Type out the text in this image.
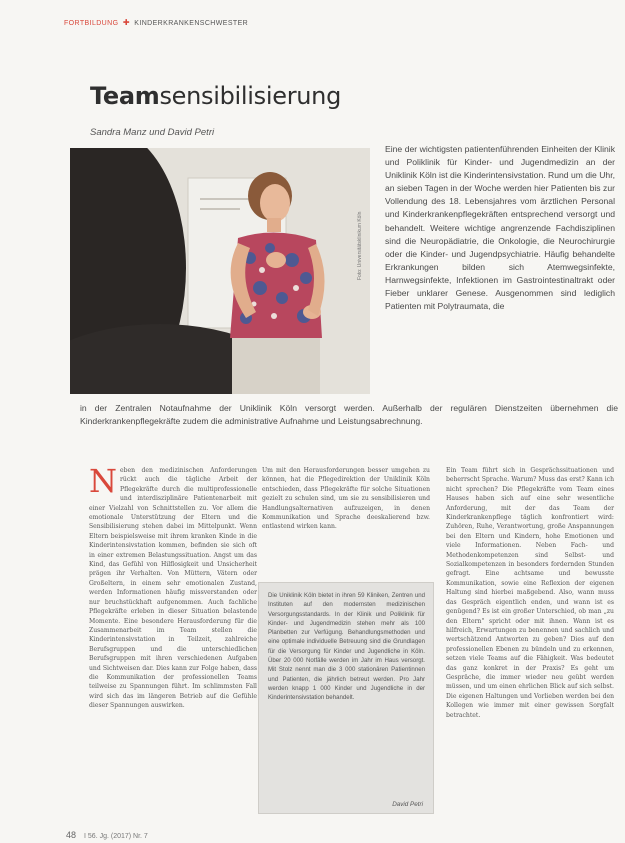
FORTBILDUNG ✚ KINDERKRANKENSCHWESTER
Teamsensibilisierung
Sandra Manz und David Petri
Foto: Universitätsklinikum Köln
Eine der wichtigsten patientenführenden Einheiten der Klinik und Poliklinik für Kinder- und Jugendmedizin an der Uniklinik Köln ist die Kinderintensivstation. Rund um die Uhr, an sieben Tagen in der Woche werden hier Patienten bis zur Vollendung des 18. Lebensjahres vom ärztlichen Personal und Kinderkrankenpflegekräften entsprechend versorgt und behandelt. Weitere wichtige angrenzende Fachdisziplinen sind die Neuropädiatrie, die Onkologie, die Neurochirurgie oder die Kinder- und Jugendpsychiatrie. Häufig behandelte Erkrankungen bilden sich Atemwegsinfekte, Harnwegsinfekte, Infektionen im Gastrointestinaltrakt oder Fieber unklarer Genese. Ausgenommen sind lediglich Patienten mit Polytraumata, die
in der Zentralen Notaufnahme der Uniklinik Köln versorgt werden. Außerhalb der regulären Dienstzeiten übernehmen die Kinderkrankenpflegekräfte zudem die administrative Aufnahme und Leistungsabrechnung.
Neben den medizinischen Anforderungen rückt auch die tägliche Arbeit der Pflegekräfte durch die multiprofessionelle und interdisziplinäre Patientenarbeit mit einer Vielzahl von Schnittstellen zu. Vor allem die emotionale Unterstützung der Eltern und die Sensibilisierung stehen dabei im Mittelpunkt. Wenn Eltern beispielsweise mit ihrem kranken Kinde in die Kinderintensivstation kommen, befinden sie sich oft in einer extremen Belastungssituation. Angst um das Kind, das Gefühl von Hilflosigkeit und Unsicherheit prägen ihr Verhalten. Von Müttern, Vätern oder Großeltern, in einem sehr emotionalen Zustand, werden Informationen häufig missverstanden oder nur bruchstückhaft aufgenommen. Auch fachliche Pflegekräfte erleben in dieser Situation belastende Momente. Eine besondere Herausforderung für die Zusammenarbeit im Team stellen die Kinderintensivstation in Teilzeit, zahlreiche Berufsgruppen und die unterschiedlichen Berufsgruppen mit ihren verschiedenen Aufgaben und Sichtweisen dar. Dies kann zur Folge haben, dass die Kommunikation der professionellen Teams teilweise zu Spannungen führt. Im schlimmsten Fall wird sich das im längeren Betrieb auf die Gefühle dieser Spannungen auswirken.
Um mit den Herausforderungen besser umgehen zu können, hat die Pflegedirektion der Uniklinik Köln entschieden, dass Pflegekräfte für solche Situationen gezielt zu schulen sind, um sie zu sensibilisieren und Handlungsalternativen aufzuzeigen, in denen Kommunikation und Sprache deeskalierend bzw. entlastend wirken kann.
Die Uniklinik Köln bietet in ihren 59 Kliniken, Zentren und Instituten auf den modernsten medizinischen Versorgungsstandards. In der Klinik und Poliklinik für Kinder- und Jugendmedizin stehen mehr als 100 Planbetten zur Verfügung. Behandlungsmethoden und eine optimale individuelle Betreuung sind die Grundlagen für die Versorgung für Kinder und Jugendliche in Köln. Über 20 000 Notfälle werden im Jahr im Haus versorgt. Mit Stolz nennt man die 3 000 stationären Patientinnen und Patienten, die jährlich betreut werden. Pro Jahr werden knapp 1 000 Kinder und Jugendliche in der Kinderintensivstation behandelt.
David Petri
Ein Team führt sich in Gesprächssituationen und beherrscht Sprache. Warum? Muss das erst? Kann ich nicht sprechen? Die Pflegekräfte vom Team eines Hauses haben sich auf eine sehr wesentliche Anforderung, mit der das Team der Kinderkrankenpflege täglich konfrontiert wird: Zuhören, Ruhe, Verantwortung, große Anspannungen bei den Eltern und Kindern, hohe Emotionen und viele Informationen. Neben Fach- und Methodenkompetenzen sind Selbst- und Sozialkompetenzen in besonders fordernden Stunden gefragt. Eine achtsame und bewusste Kommunikation, sowie eine Reflexion der eigenen Haltung sind hierbei maßgebend. Also, wann muss das Gespräch eigentlich enden, und wann ist es genügend? Es ist ein großer Unterschied, ob man „zu den Eltern" spricht oder mit ihnen. Wann ist es hilfreich, Erwartungen zu benennen und sachlich und wertschätzend Antworten zu geben? Dies auf den professionellen Ebenen zu bündeln und zu erkennen, setzen viele Teams auf die Fähigkeit. Was bedeutet das ganz konkret in der Praxis? Es geht um Gespräche, die immer wieder neu geübt werden müssen, und um einen ehrlichen Blick auf sich selbst. Die eigenen Haltungen und Vorlieben werden bei den Kollegen wie immer mit einer gewissen Sorgfalt betrachtet.
48 I 56. Jg. (2017) Nr. 7
